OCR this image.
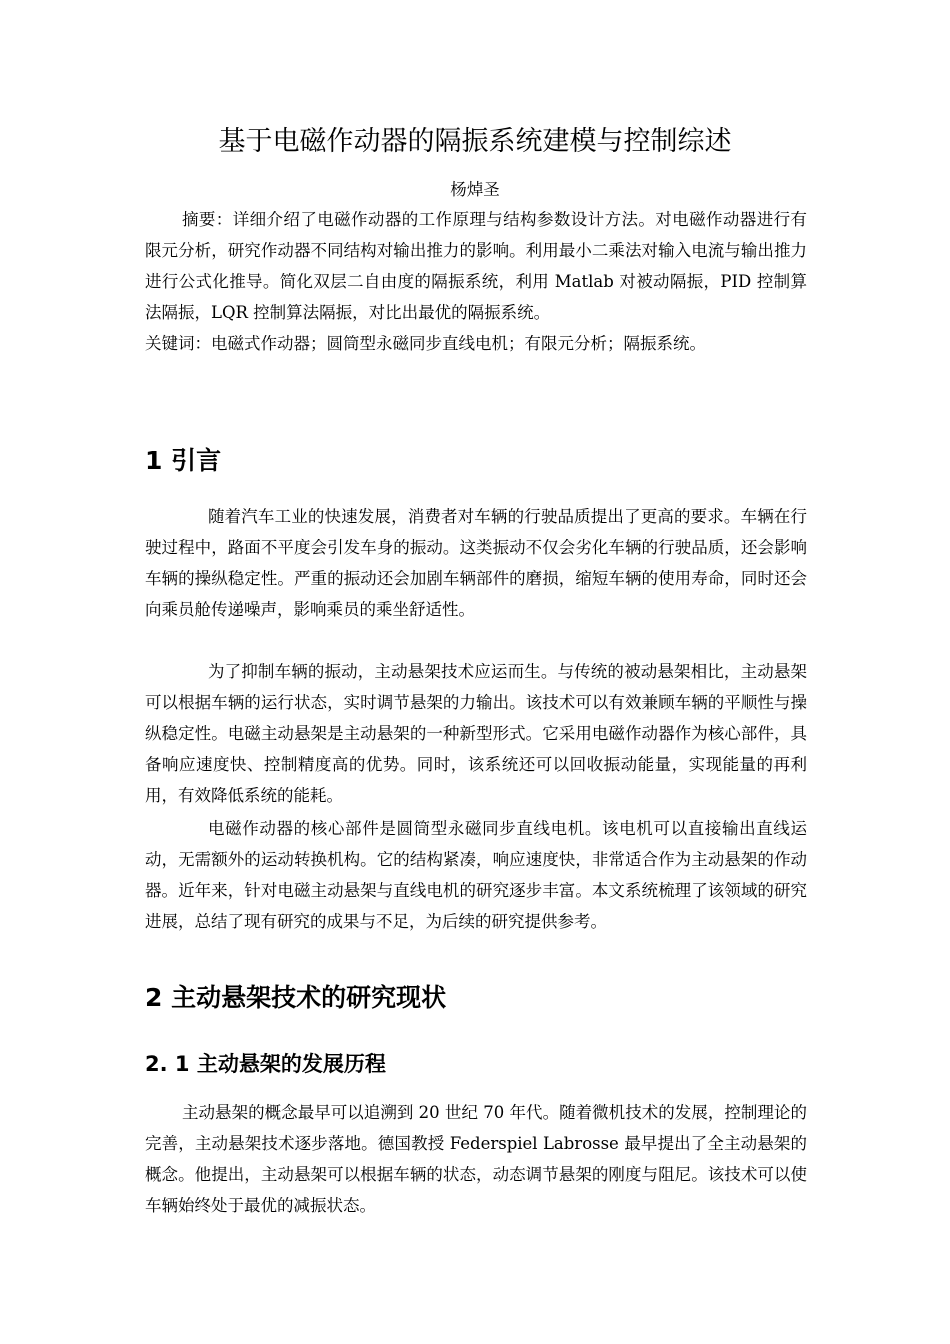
基于电磁作动器的隔振系统建模与控制综述
杨焯圣

摘要：详细介绍了电磁作动器的工作原理与结构参数设计方法。对电磁作动器进行有限元分析，研究作动器不同结构对输出推力的影响。利用最小二乘法对输入电流与输出推力进行公式化推导。简化双层二自由度的隔振系统，利用 Matlab 对被动隔振，PID 控制算法隔振，LQR 控制算法隔振，对比出最优的隔振系统。

关键词：电磁式作动器；圆筒型永磁同步直线电机；有限元分析；隔振系统。

1 引言

随着汽车工业的快速发展，消费者对车辆的行驶品质提出了更高的要求。车辆在行驶过程中，路面不平度会引发车身的振动。这类振动不仅会劣化车辆的行驶品质，还会影响车辆的操纵稳定性。严重的振动还会加剧车辆部件的磨损，缩短车辆的使用寿命，同时还会向乘员舱传递噪声，影响乘员的乘坐舒适性。

为了抑制车辆的振动，主动悬架技术应运而生。与传统的被动悬架相比，主动悬架可以根据车辆的运行状态，实时调节悬架的力输出。该技术可以有效兼顾车辆的平顺性与操纵稳定性。电磁主动悬架是主动悬架的一种新型形式。它采用电磁作动器作为核心部件，具备响应速度快、控制精度高的优势。同时，该系统还可以回收振动能量，实现能量的再利用，有效降低系统的能耗。

电磁作动器的核心部件是圆筒型永磁同步直线电机。该电机可以直接输出直线运动，无需额外的运动转换机构。它的结构紧凑，响应速度快，非常适合作为主动悬架的作动器。近年来，针对电磁主动悬架与直线电机的研究逐步丰富。本文系统梳理了该领域的研究进展，总结了现有研究的成果与不足，为后续的研究提供参考。

2 主动悬架技术的研究现状
2. 1 主动悬架的发展历程

主动悬架的概念最早可以追溯到 20 世纪 70 年代。随着微机技术的发展，控制理论的完善，主动悬架技术逐步落地。德国教授 Federspiel Labrosse 最早提出了全主动悬架的概念。他提出，主动悬架可以根据车辆的状态，动态调节悬架的刚度与阻尼。该技术可以使车辆始终处于最优的减振状态。
